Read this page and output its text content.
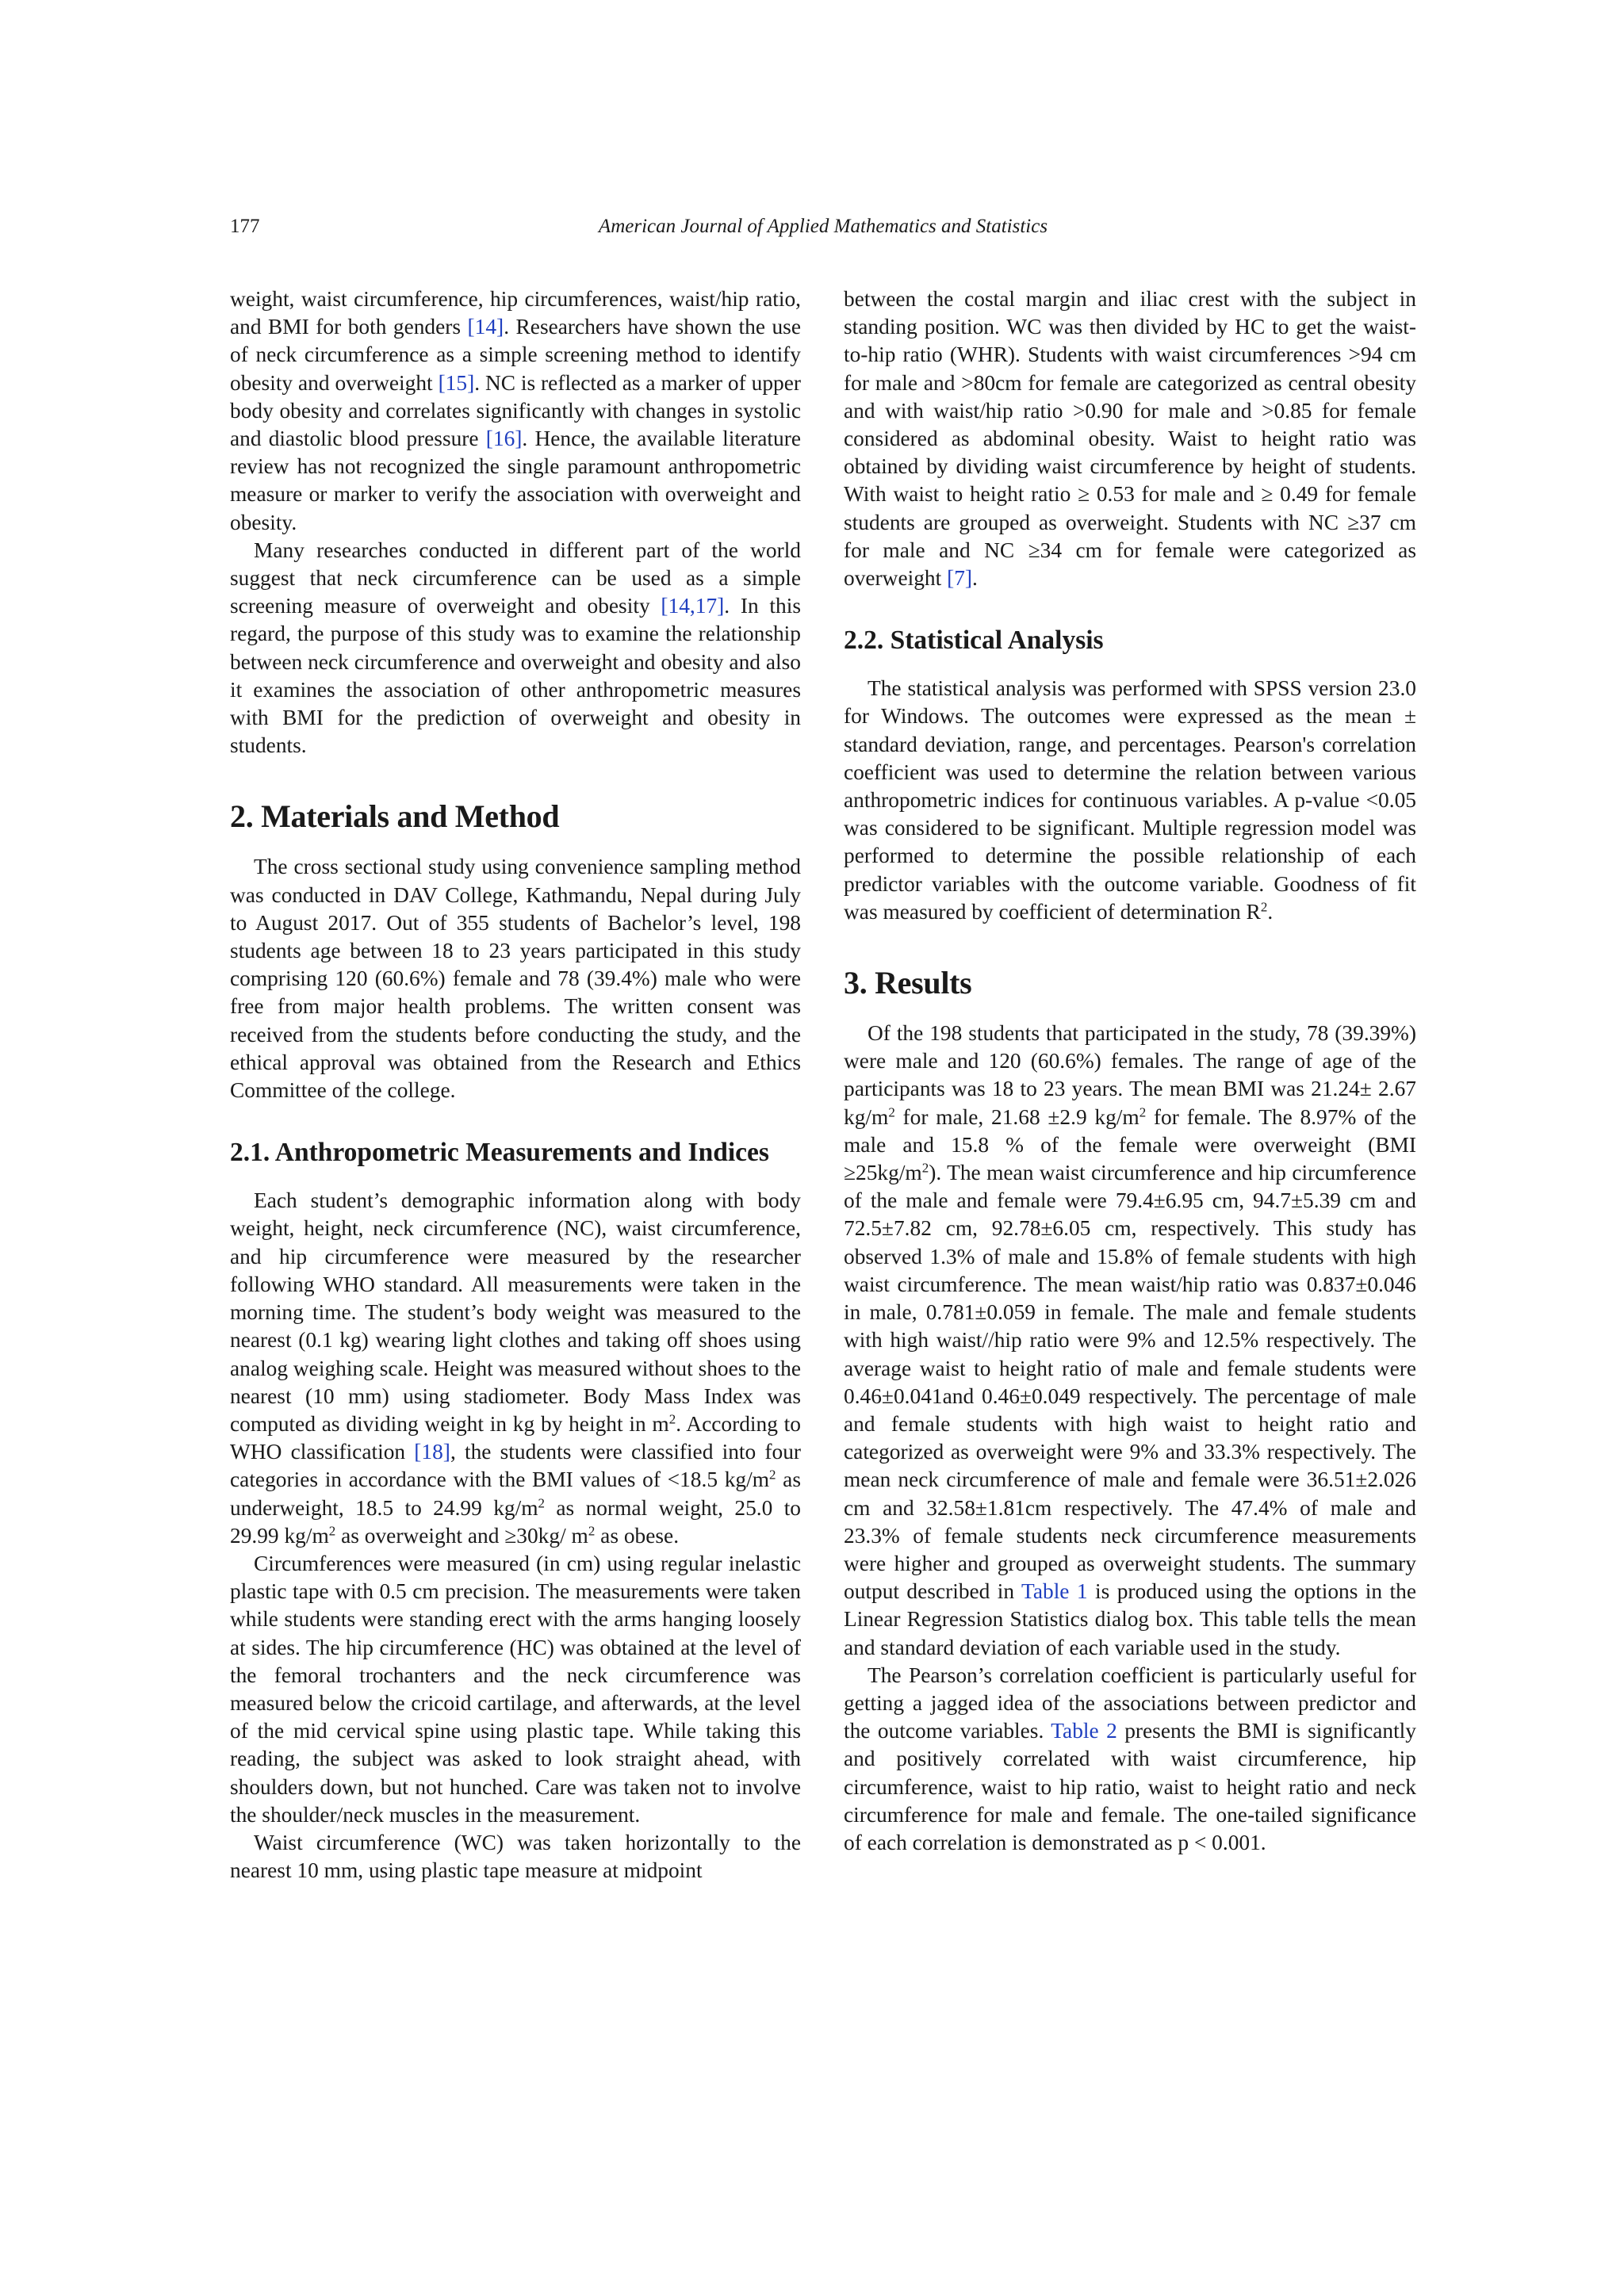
177	American Journal of Applied Mathematics and Statistics

weight, waist circumference, hip circumferences, waist/hip ratio, and BMI for both genders [14]. Researchers have shown the use of neck circumference as a simple screening method to identify obesity and overweight [15]. NC is reflected as a marker of upper body obesity and correlates significantly with changes in systolic and diastolic blood pressure [16]. Hence, the available literature review has not recognized the single paramount anthropometric measure or marker to verify the association with overweight and obesity.

Many researches conducted in different part of the world suggest that neck circumference can be used as a simple screening measure of overweight and obesity [14,17]. In this regard, the purpose of this study was to examine the relationship between neck circumference and overweight and obesity and also it examines the association of other anthropometric measures with BMI for the prediction of overweight and obesity in students.

2. Materials and Method

The cross sectional study using convenience sampling method was conducted in DAV College, Kathmandu, Nepal during July to August 2017. Out of 355 students of Bachelor’s level, 198 students age between 18 to 23 years participated in this study comprising 120 (60.6%) female and 78 (39.4%) male who were free from major health problems. The written consent was received from the students before conducting the study, and the ethical approval was obtained from the Research and Ethics Committee of the college.

2.1. Anthropometric Measurements and Indices

Each student’s demographic information along with body weight, height, neck circumference (NC), waist circumference, and hip circumference were measured by the researcher following WHO standard. All measurements were taken in the morning time. The student’s body weight was measured to the nearest (0.1 kg) wearing light clothes and taking off shoes using analog weighing scale. Height was measured without shoes to the nearest (10 mm) using stadiometer. Body Mass Index was computed as dividing weight in kg by height in $m^2$. According to WHO classification [18], the students were classified into four categories in accordance with the BMI values of <18.5 $kg/m^2$ as underweight, 18.5 to 24.99 $kg/m^2$ as normal weight, 25.0 to 29.99 $kg/m^2$ as overweight and ≥30kg/ $m^2$ as obese.

Circumferences were measured (in cm) using regular inelastic plastic tape with 0.5 cm precision. The measurements were taken while students were standing erect with the arms hanging loosely at sides. The hip circumference (HC) was obtained at the level of the femoral trochanters and the neck circumference was measured below the cricoid cartilage, and afterwards, at the level of the mid cervical spine using plastic tape. While taking this reading, the subject was asked to look straight ahead, with shoulders down, but not hunched. Care was taken not to involve the shoulder/neck muscles in the measurement.

Waist circumference (WC) was taken horizontally to the nearest 10 mm, using plastic tape measure at midpoint

between the costal margin and iliac crest with the subject in standing position. WC was then divided by HC to get the waist-to-hip ratio (WHR). Students with waist circumferences >94 cm for male and >80cm for female are categorized as central obesity and with waist/hip ratio >0.90 for male and >0.85 for female considered as abdominal obesity. Waist to height ratio was obtained by dividing waist circumference by height of students. With waist to height ratio ≥ 0.53 for male and ≥ 0.49 for female students are grouped as overweight. Students with NC ≥37 cm for male and NC ≥34 cm for female were categorized as overweight [7].

2.2. Statistical Analysis

The statistical analysis was performed with SPSS version 23.0 for Windows. The outcomes were expressed as the mean ± standard deviation, range, and percentages. Pearson's correlation coefficient was used to determine the relation between various anthropometric indices for continuous variables. A p-value <0.05 was considered to be significant. Multiple regression model was performed to determine the possible relationship of each predictor variables with the outcome variable. Goodness of fit was measured by coefficient of determination $R^2$.

3. Results

Of the 198 students that participated in the study, 78 (39.39%) were male and 120 (60.6%) females. The range of age of the participants was 18 to 23 years. The mean BMI was 21.24± 2.67 $kg/m^2$ for male, 21.68 ±2.9 $kg/m^2$ for female. The 8.97% of the male and 15.8 % of the female were overweight $(BMI \ge 25kg/m^2)$. The mean waist circumference and hip circumference of the male and female were 79.4±6.95 cm, 94.7±5.39 cm and 72.5±7.82 cm, 92.78±6.05 cm, respectively. This study has observed 1.3% of male and 15.8% of female students with high waist circumference. The mean waist/hip ratio was 0.837±0.046 in male, 0.781±0.059 in female. The male and female students with high waist//hip ratio were 9% and 12.5% respectively. The average waist to height ratio of male and female students were 0.46±0.041and 0.46±0.049 respectively. The percentage of male and female students with high waist to height ratio and categorized as overweight were 9% and 33.3% respectively. The mean neck circumference of male and female were 36.51±2.026 cm and 32.58±1.81cm respectively. The 47.4% of male and 23.3% of female students neck circumference measurements were higher and grouped as overweight students. The summary output described in Table 1 is produced using the options in the Linear Regression Statistics dialog box. This table tells the mean and standard deviation of each variable used in the study.

The Pearson’s correlation coefficient is particularly useful for getting a jagged idea of the associations between predictor and the outcome variables. Table 2 presents the BMI is significantly and positively correlated with waist circumference, hip circumference, waist to hip ratio, waist to height ratio and neck circumference for male and female. The one-tailed significance of each correlation is demonstrated as p < 0.001.
